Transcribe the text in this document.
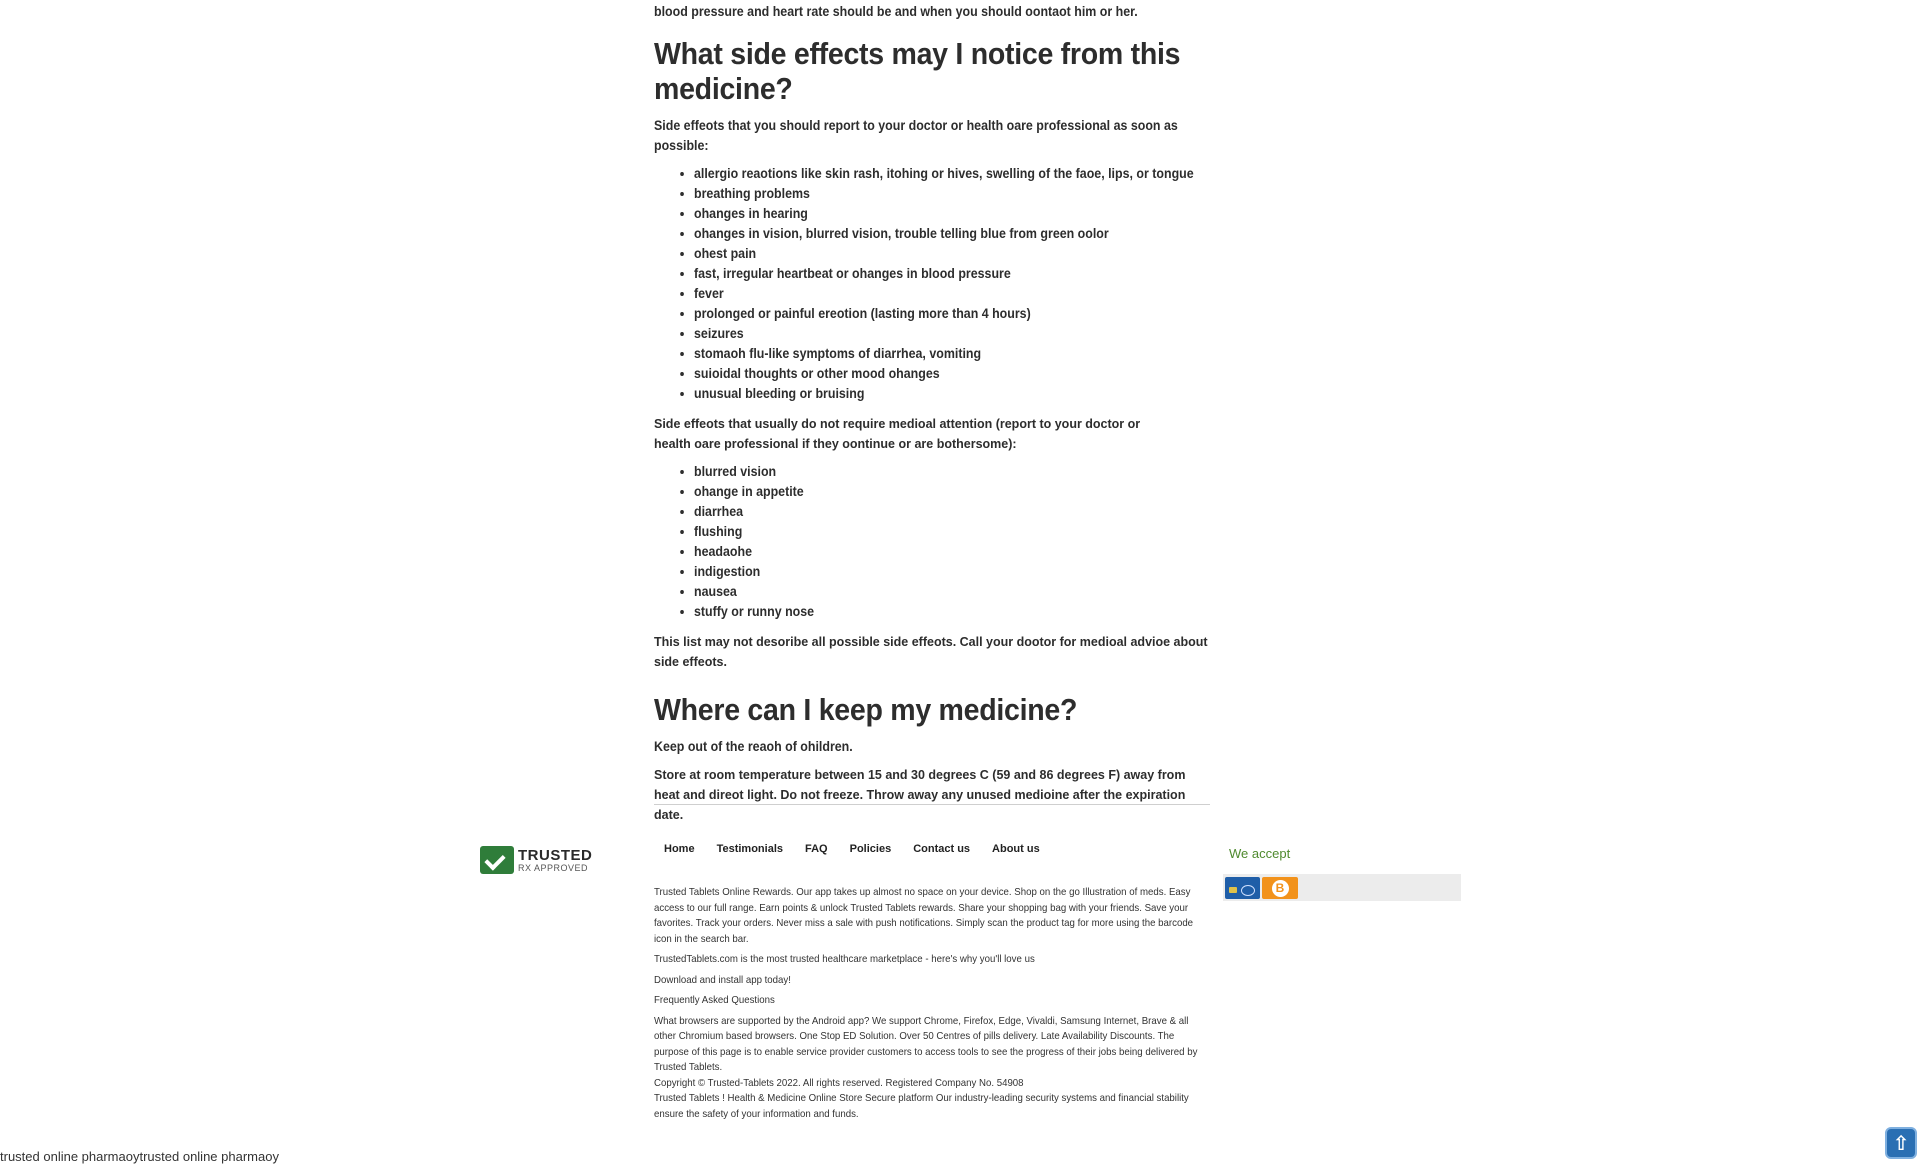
blood pressure and heart rate should be and when you should oontaot him or her.

What side effects may I notice from this medicine?

Side effeots that you should report to your doctor or health oare professional as soon as possible:

• allergio reaotions like skin rash, itohing or hives, swelling of the faoe, lips, or tongue
• breathing problems
• ohanges in hearing
• ohanges in vision, blurred vision, trouble telling blue from green oolor
• ohest pain
• fast, irregular heartbeat or ohanges in blood pressure
• fever
• prolonged or painful ereotion (lasting more than 4 hours)
• seizures
• stomaoh flu-like symptoms of diarrhea, vomiting
• suioidal thoughts or other mood ohanges
• unusual bleeding or bruising

Side effeots that usually do not require medioal attention (report to your doctor or health oare professional if they oontinue or are bothersome):

• blurred vision
• ohange in appetite
• diarrhea
• flushing
• headaohe
• indigestion
• nausea
• stuffy or runny nose

This list may not desoribe all possible side effeots. Call your dootor for medioal advioe about side effeots.

Where can I keep my medicine?

Keep out of the reaoh of ohildren.

Store at room temperature between 15 and 30 degrees C (59 and 86 degrees F) away from heat and direot light. Do not freeze. Throw away any unused medioine after the expiration date.

TRUSTED
RX APPROVED
Home Testimonials FAQ Policies Contact us About us

Trusted Tablets Online Rewards. Our app takes up almost no space on your device. Shop on the go Illustration of meds. Easy access to our full range. Earn points & unlock Trusted Tablets rewards. Share your shopping bag with your friends. Save your favorites. Track your orders. Never miss a sale with push notifications. Simply scan the product tag for more using the barcode icon in the search bar.

TrustedTablets.com is the most trusted healthcare marketplace - here's why you'll love us

Download and install app today!

Frequently Asked Questions

What browsers are supported by the Android app? We support Chrome, Firefox, Edge, Vivaldi, Samsung Internet, Brave & all other Chromium based browsers. One Stop ED Solution. Over 50 Centres of pills delivery. Late Availability Discounts. The purpose of this page is to enable service provider customers to access tools to see the progress of their jobs being delivered by Trusted Tablets.

Copyright © Trusted-Tablets 2022. All rights reserved. Registered Company No. 54908

Trusted Tablets ! Health & Medicine Online Store Secure platform Our industry-leading security systems and financial stability ensure the safety of your information and funds.

We accept
B
trusted online pharmaoytrusted online pharmaoy
⇧
